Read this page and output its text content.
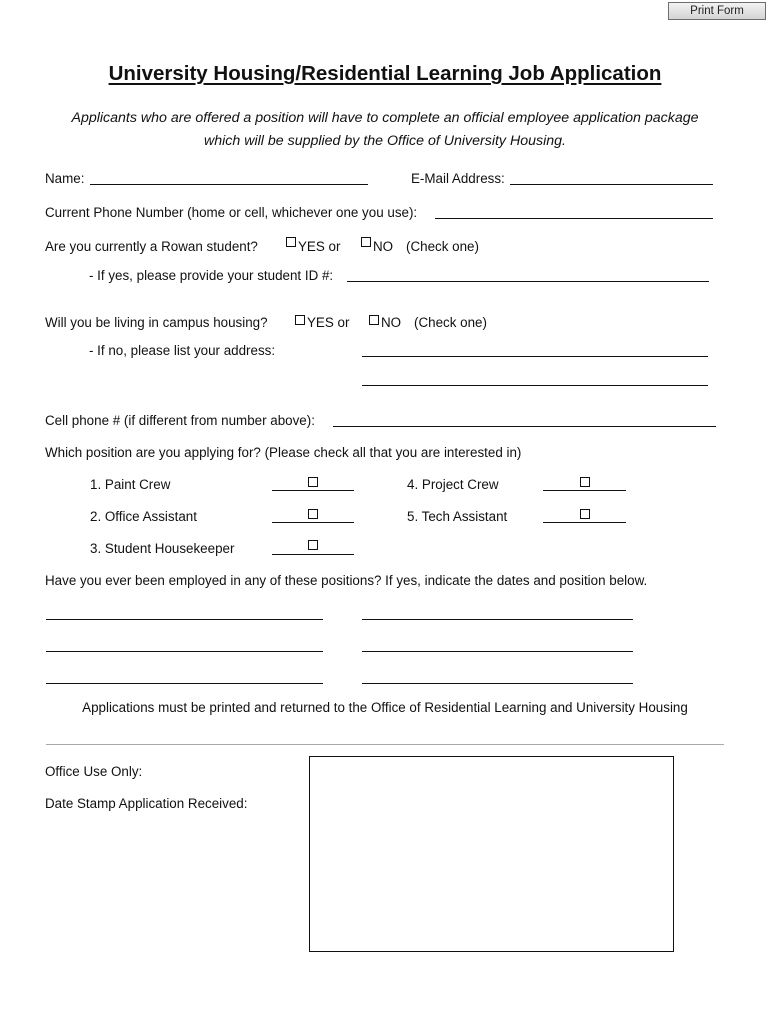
Print Form
University Housing/Residential Learning Job Application
Applicants who are offered a position will have to complete an official employee application package
which will be supplied by the Office of University Housing.
Name:	E-Mail Address:
Current Phone Number (home or cell, whichever one you use):
Are you currently a Rowan student?	YES or NO (Check one)
- If yes, please provide your student ID #:
Will you be living in campus housing?	YES or NO (Check one)
- If no, please list your address:
Cell phone # (if different from number above):
Which position are you applying for? (Please check all that you are interested in)
1. Paint Crew	4. Project Crew
2. Office Assistant	5. Tech Assistant
3. Student Housekeeper
Have you ever been employed in any of these positions? If yes, indicate the dates and position below.
Applications must be printed and returned to the Office of Residential Learning and University Housing
Office Use Only:
Date Stamp Application Received:
